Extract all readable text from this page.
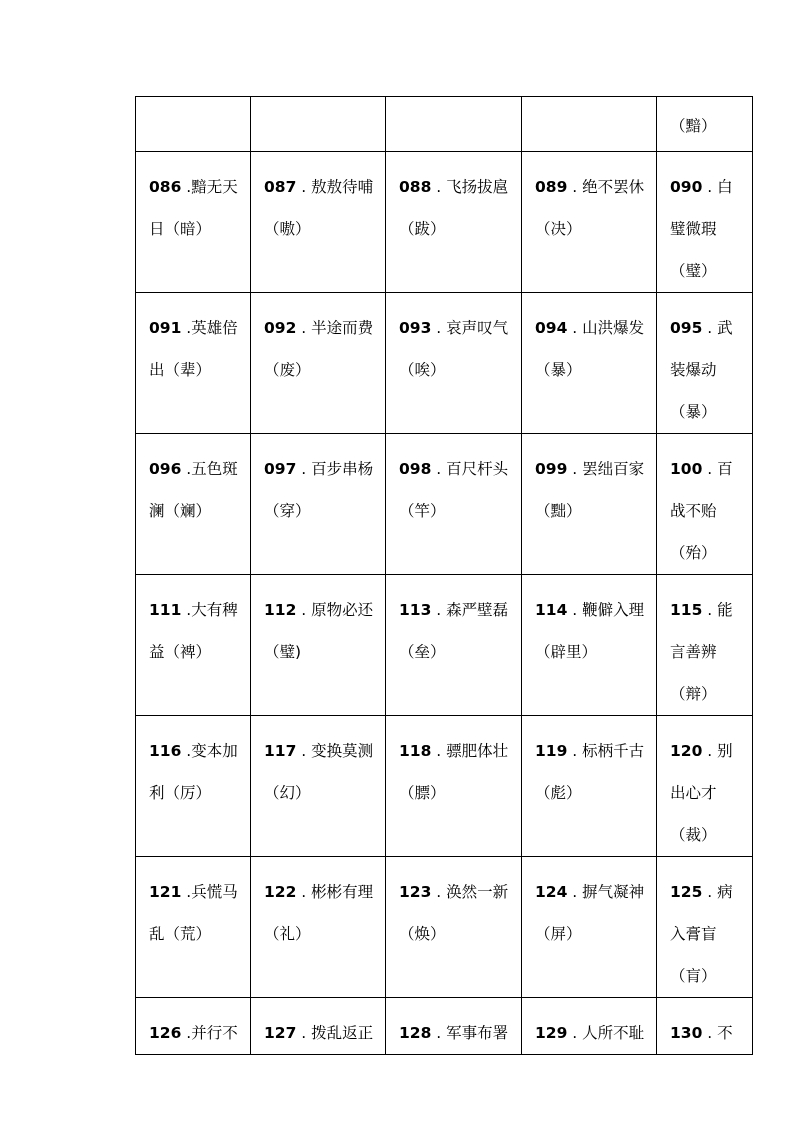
				（黯）
086 .黯无天日（暗）	087 . 敖敖待哺（嗷）	088 . 飞扬拔扈（跋）	089 . 绝不罢休（决）	090 . 白璧微瑕（璧）
091 .英雄倍出（辈）	092 . 半途而费（废）	093 . 哀声叹气（唉）	094 . 山洪爆发（暴）	095 . 武装爆动（暴）
096 .五色斑澜（斓）	097 . 百步串杨（穿）	098 . 百尺杆头（竿）	099 . 罢绌百家（黜）	100 . 百战不贻（殆）
111 .大有稗益（裨）	112 . 原物必还（璧)	113 . 森严壁磊（垒）	114 . 鞭僻入理（辟里）	115 . 能言善辨（辩）
116 .变本加利（厉）	117 . 变换莫测（幻）	118 . 骠肥体壮（膘）	119 . 标柄千古（彪）	120 . 别出心才（裁）
121 .兵慌马乱（荒）	122 . 彬彬有理（礼）	123 . 涣然一新（焕）	124 . 摒气凝神（屏）	125 . 病入膏盲（肓）
126 .并行不	127 . 拨乱返正	128 . 军事布署	129 . 人所不耻	130 . 不
